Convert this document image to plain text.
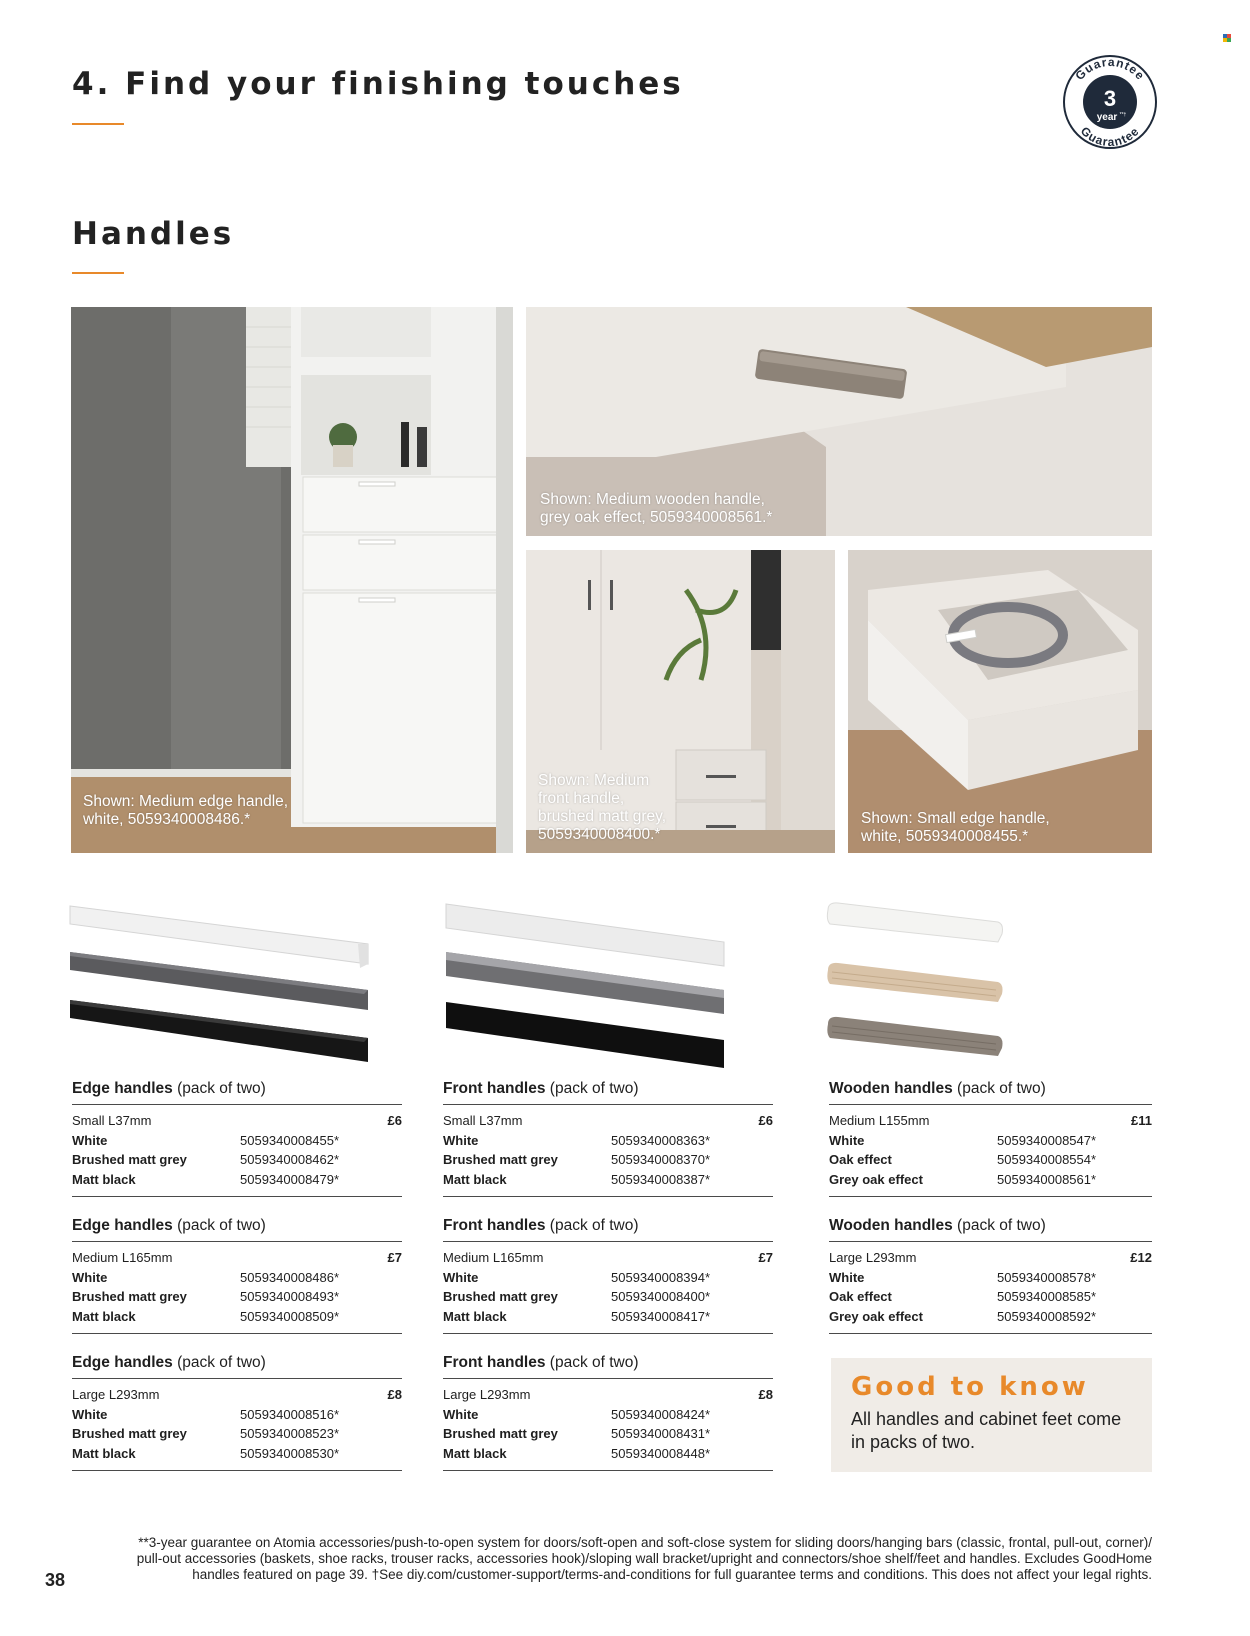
4. Find your finishing touches	Guarantee
3
year **†
Guarantee
Handles
Shown: Medium edge handle,
white, 5059340008486.*
Shown: Medium wooden handle,
grey oak effect, 5059340008561.*
Shown: Medium
front handle,
brushed matt grey,
5059340008400.*
Shown: Small edge handle,
white, 5059340008455.*
Edge handles (pack of two)
Small L37mm	£6
White	5059340008455*
Brushed matt grey	5059340008462*
Matt black	5059340008479*
Front handles (pack of two)
Small L37mm	£6
White	5059340008363*
Brushed matt grey	5059340008370*
Matt black	5059340008387*
Wooden handles (pack of two)
Medium L155mm	£11
White	5059340008547*
Oak effect	5059340008554*
Grey oak effect	5059340008561*
Edge handles (pack of two)
Medium L165mm	£7
White	5059340008486*
Brushed matt grey	5059340008493*
Matt black	5059340008509*
Front handles (pack of two)
Medium L165mm	£7
White	5059340008394*
Brushed matt grey	5059340008400*
Matt black	5059340008417*
Wooden handles (pack of two)
Large L293mm	£12
White	5059340008578*
Oak effect	5059340008585*
Grey oak effect	5059340008592*
Edge handles (pack of two)
Large L293mm	£8
White	5059340008516*
Brushed matt grey	5059340008523*
Matt black	5059340008530*
Front handles (pack of two)
Large L293mm	£8
White	5059340008424*
Brushed matt grey	5059340008431*
Matt black	5059340008448*
Good to know
All handles and cabinet feet come in packs of two.
**3-year guarantee on Atomia accessories/push-to-open system for doors/soft-open and soft-close system for sliding doors/hanging bars (classic, frontal, pull-out, corner)/
pull-out accessories (baskets, shoe racks, trouser racks, accessories hook)/sloping wall bracket/upright and connectors/shoe shelf/feet and handles. Excludes GoodHome
handles featured on page 39. †See diy.com/customer-support/terms-and-conditions for full guarantee terms and conditions. This does not affect your legal rights.
38
